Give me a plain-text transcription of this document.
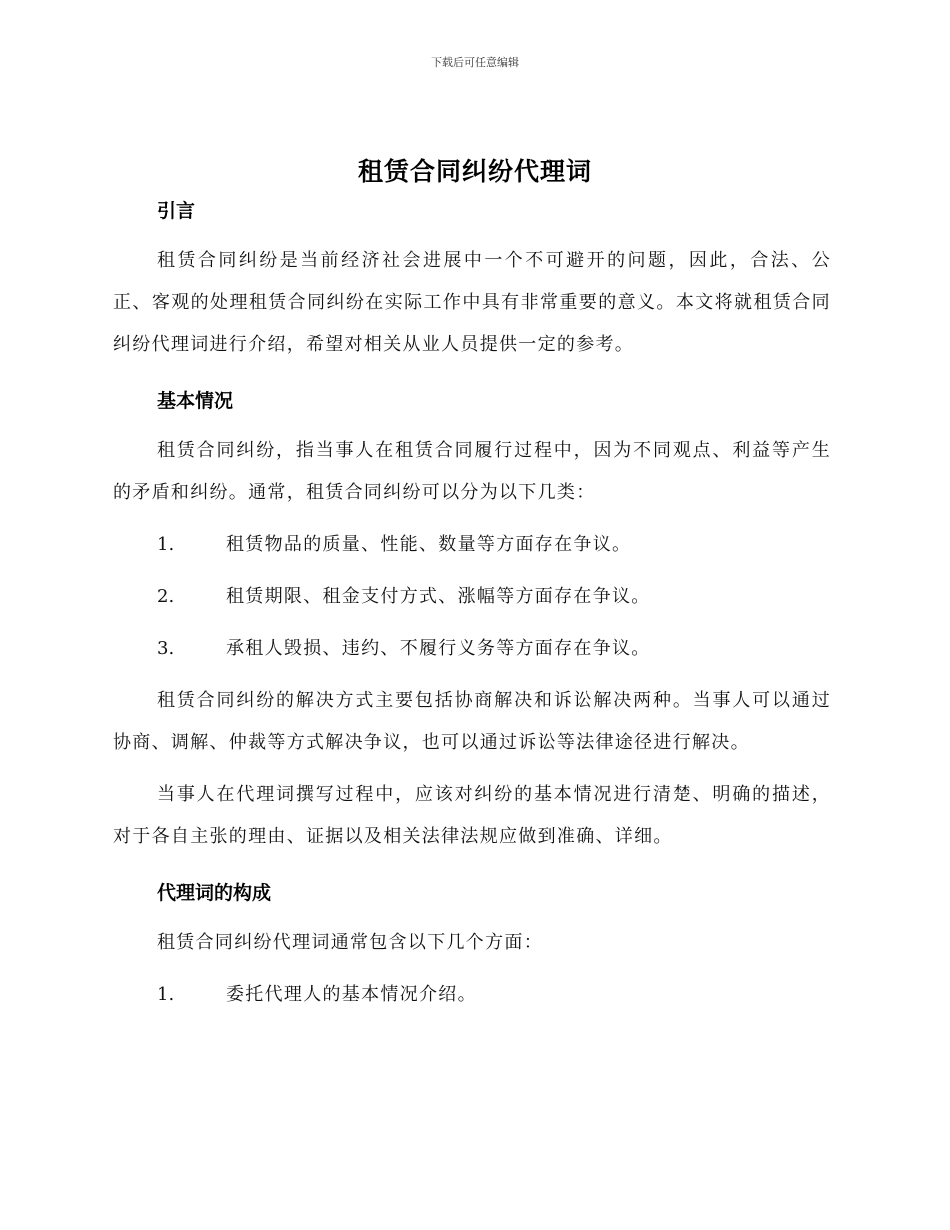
下载后可任意编辑
租赁合同纠纷代理词
引言

租赁合同纠纷是当前经济社会进展中一个不可避开的问题，因此，合法、公正、客观的处理租赁合同纠纷在实际工作中具有非常重要的意义。本文将就租赁合同纠纷代理词进行介绍，希望对相关从业人员提供一定的参考。

基本情况

租赁合同纠纷，指当事人在租赁合同履行过程中，因为不同观点、利益等产生的矛盾和纠纷。通常，租赁合同纠纷可以分为以下几类：

1.	租赁物品的质量、性能、数量等方面存在争议。
2.	租赁期限、租金支付方式、涨幅等方面存在争议。
3.	承租人毁损、违约、不履行义务等方面存在争议。

租赁合同纠纷的解决方式主要包括协商解决和诉讼解决两种。当事人可以通过协商、调解、仲裁等方式解决争议，也可以通过诉讼等法律途径进行解决。

当事人在代理词撰写过程中，应该对纠纷的基本情况进行清楚、明确的描述，对于各自主张的理由、证据以及相关法律法规应做到准确、详细。

代理词的构成

租赁合同纠纷代理词通常包含以下几个方面：

1.	委托代理人的基本情况介绍。
